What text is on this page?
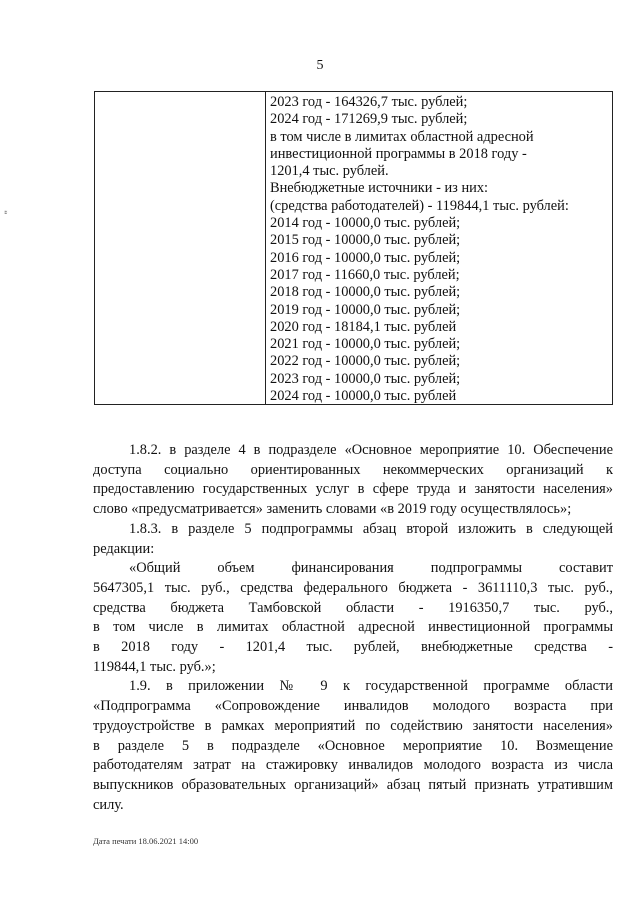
5
ะ
2023 год - 164326,7 тыс. рублей;
2024 год - 171269,9 тыс. рублей;
в том числе в лимитах областной адресной
инвестиционной программы в 2018 году -
1201,4 тыс. рублей.
Внебюджетные источники - из них:
(средства работодателей) - 119844,1 тыс. рублей:
2014 год - 10000,0 тыс. рублей;
2015 год - 10000,0 тыс. рублей;
2016 год - 10000,0 тыс. рублей;
2017 год - 11660,0 тыс. рублей;
2018 год - 10000,0 тыс. рублей;
2019 год - 10000,0 тыс. рублей;
2020 год - 18184,1 тыс. рублей
2021 год - 10000,0 тыс. рублей;
2022 год - 10000,0 тыс. рублей;
2023 год - 10000,0 тыс. рублей;
2024 год - 10000,0 тыс. рублей
1.8.2. в разделе 4 в подразделе «Основное мероприятие 10. Обеспечение
доступа социально ориентированных некоммерческих организаций к
предоставлению государственных услуг в сфере труда и занятости населения»
слово «предусматривается» заменить словами «в 2019 году осуществлялось»;
1.8.3. в разделе 5 подпрограммы абзац второй изложить в следующей
редакции:
«Общий объем финансирования подпрограммы составит
5647305,1 тыс. руб., средства федерального бюджета - 3611110,3 тыс. руб.,
средства бюджета Тамбовской области - 1916350,7 тыс. руб.,
в том числе в лимитах областной адресной инвестиционной программы
в 2018 году - 1201,4 тыс. рублей, внебюджетные средства -
119844,1 тыс. руб.»;
1.9. в приложении № 9 к государственной программе области
«Подпрограмма «Сопровождение инвалидов молодого возраста при
трудоустройстве в рамках мероприятий по содействию занятости населения»
в разделе 5 в подразделе «Основное мероприятие 10. Возмещение
работодателям затрат на стажировку инвалидов молодого возраста из числа
выпускников образовательных организаций» абзац пятый признать утратившим
силу.
Дата печати 18.06.2021 14:00
